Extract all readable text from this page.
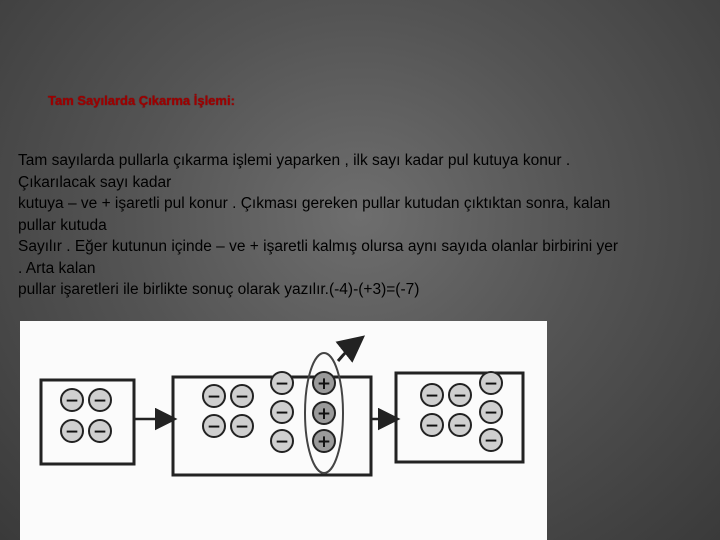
Tam Sayılarda Çıkarma İşlemi:
Tam sayılarda pullarla çıkarma işlemi yaparken , ilk sayı kadar pul kutuya konur .
Çıkarılacak sayı kadar
kutuya – ve + işaretli pul konur . Çıkması gereken pullar kutudan çıktıktan sonra, kalan
pullar kutuda
Sayılır . Eğer kutunun içinde – ve + işaretli kalmış olursa aynı sayıda olanlar birbirini yer
. Arta kalan
pullar işaretleri ile birlikte sonuç olarak yazılır.(-4)-(+3)=(-7)
− −
− −
− −
− −
−
−
−
+
+
+
− −
− −
−
−
−
